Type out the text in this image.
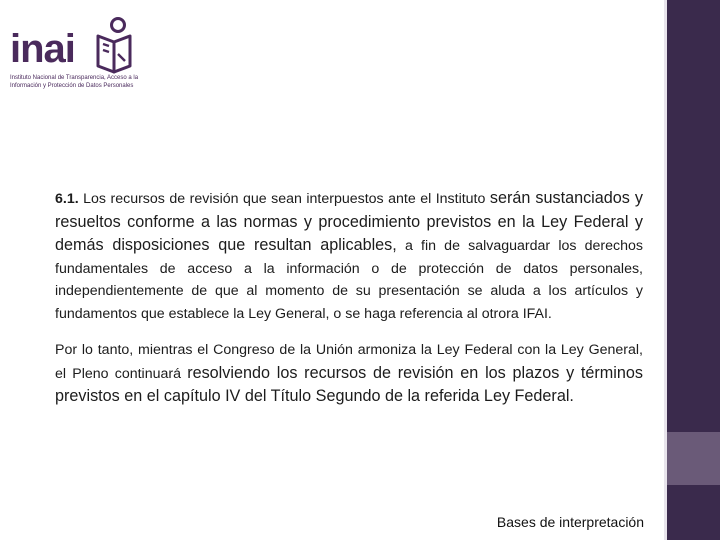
inai
Instituto Nacional de Transparencia, Acceso a la
Información y Protección de Datos Personales

6.1. Los recursos de revisión que sean interpuestos ante el Instituto serán sustanciados y resueltos conforme a las normas y procedimiento previstos en la Ley Federal y demás disposiciones que resultan aplicables, a fin de salvaguardar los derechos fundamentales de acceso a la información o de protección de datos personales, independientemente de que al momento de su presentación se aluda a los artículos y fundamentos que establece la Ley General, o se haga referencia al otrora IFAI.

Por lo tanto, mientras el Congreso de la Unión armoniza la Ley Federal con la Ley General, el Pleno continuará resolviendo los recursos de revisión en los plazos y términos previstos en el capítulo IV del Título Segundo de la referida Ley Federal.

Bases de interpretación
